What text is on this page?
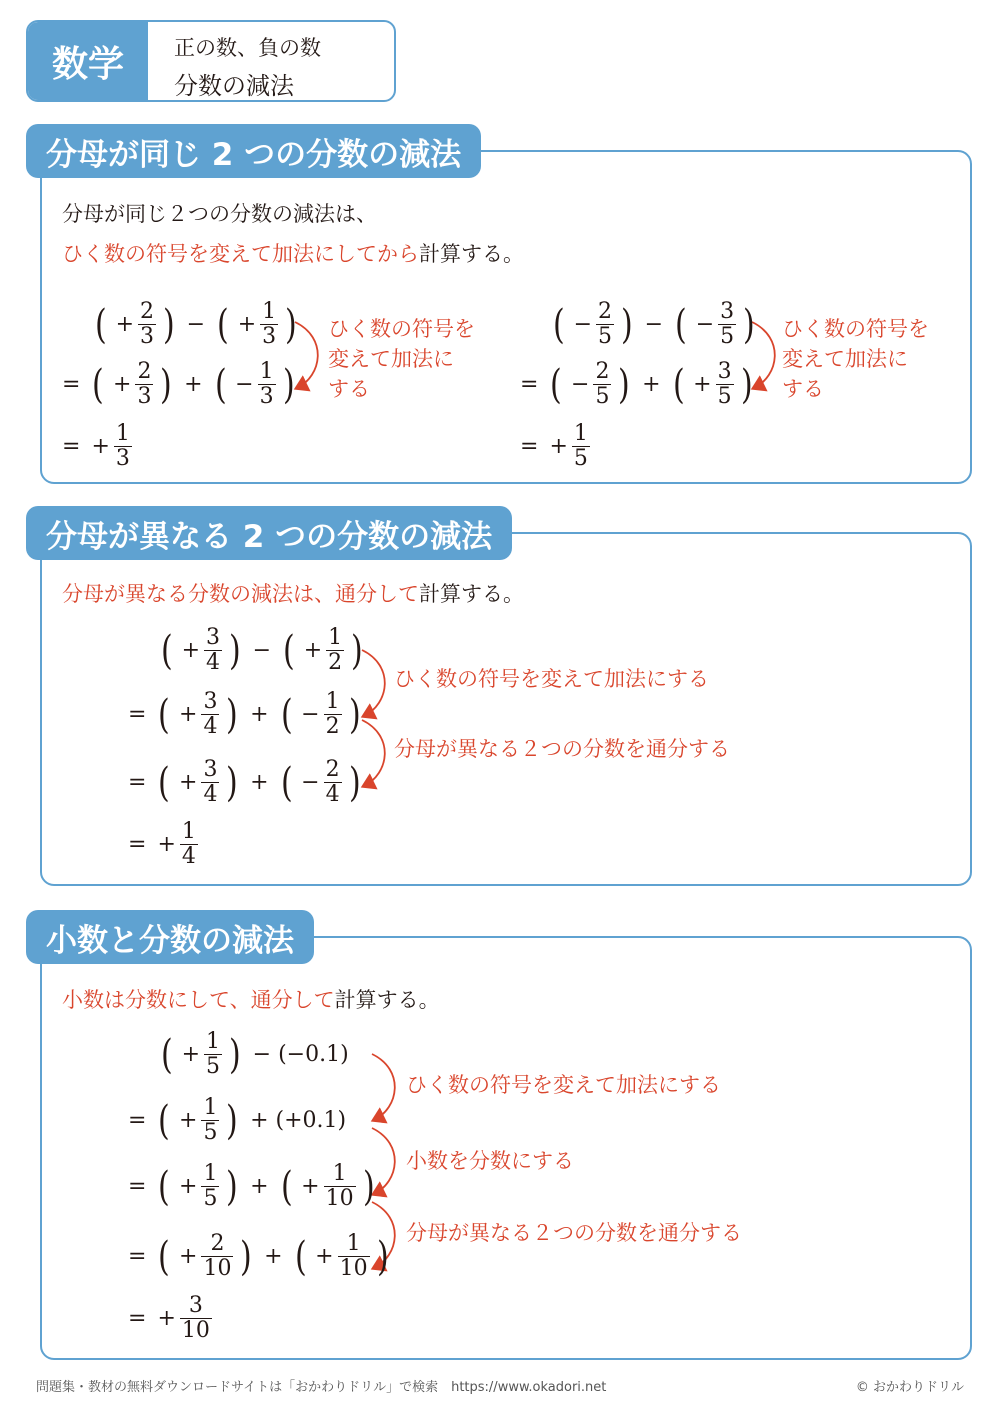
数学	正の数、負の数
分数の減法
分母が同じ 2 つの分数の減法
分母が同じ２つの分数の減法は、
ひく数の符号を変えて加法にしてから計算する。
( + $\frac{2}{3}$ ) − ( + $\frac{1}{3}$ )
= ( + $\frac{2}{3}$ ) + ( − $\frac{1}{3}$ )
= + $\frac{1}{3}$
ひく数の符号を
変えて加法に
する
( − $\frac{2}{5}$ ) − ( − $\frac{3}{5}$ )
= ( − $\frac{2}{5}$ ) + ( + $\frac{3}{5}$ )
= + $\frac{1}{5}$
ひく数の符号を
変えて加法に
する
分母が異なる 2 つの分数の減法
分母が異なる分数の減法は、通分して計算する。
( + $\frac{3}{4}$ ) − ( + $\frac{1}{2}$ )
= ( + $\frac{3}{4}$ ) + ( − $\frac{1}{2}$ )
= ( + $\frac{3}{4}$ ) + ( − $\frac{2}{4}$ )
= + $\frac{1}{4}$
ひく数の符号を変えて加法にする
分母が異なる２つの分数を通分する
小数と分数の減法
小数は分数にして、通分して計算する。
( + $\frac{1}{5}$ ) − (−0.1)
= ( + $\frac{1}{5}$ ) + (+0.1)
= ( + $\frac{1}{5}$ ) + ( + $\frac{1}{10}$ )
= ( + $\frac{2}{10}$ ) + ( + $\frac{1}{10}$ )
= + $\frac{3}{10}$
ひく数の符号を変えて加法にする
小数を分数にする
分母が異なる２つの分数を通分する
問題集・教材の無料ダウンロードサイトは「おかわりドリル」で検索　https://www.okadori.net	© おかわりドリル
